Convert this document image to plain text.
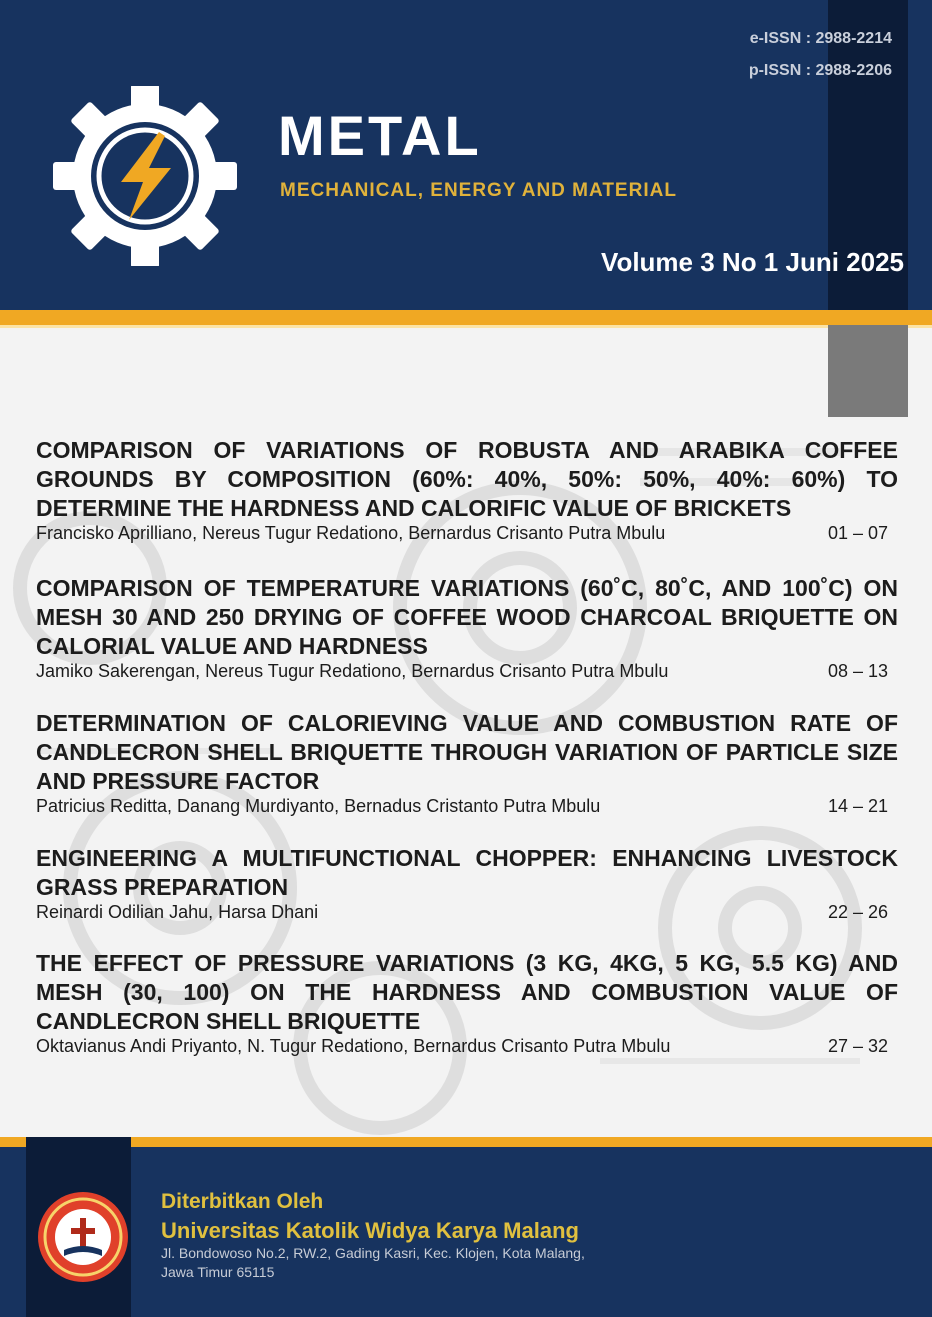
e-ISSN : 2988-2214
p-ISSN : 2988-2206
METAL
MECHANICAL, ENERGY AND MATERIAL
Volume 3 No 1 Juni 2025

COMPARISON OF VARIATIONS OF ROBUSTA AND ARABIKA COFFEE GROUNDS BY COMPOSITION (60%: 40%, 50%: 50%, 40%: 60%) TO DETERMINE THE HARDNESS AND CALORIFIC VALUE OF BRICKETS

Francisko Aprilliano, Nereus Tugur Redationo, Bernardus Crisanto Putra Mbulu	01 – 07

COMPARISON OF TEMPERATURE VARIATIONS (60˚C, 80˚C, AND 100˚C) ON MESH 30 AND 250 DRYING OF COFFEE WOOD CHARCOAL BRIQUETTE ON CALORIAL VALUE AND HARDNESS

Jamiko Sakerengan, Nereus Tugur Redationo, Bernardus Crisanto Putra Mbulu	08 – 13

DETERMINATION OF CALORIEVING VALUE AND COMBUSTION RATE OF CANDLECRON SHELL BRIQUETTE THROUGH VARIATION OF PARTICLE SIZE AND PRESSURE FACTOR

Patricius Reditta, Danang Murdiyanto, Bernadus Cristanto Putra Mbulu	14 – 21

ENGINEERING A MULTIFUNCTIONAL CHOPPER: ENHANCING LIVESTOCK GRASS PREPARATION

Reinardi Odilian Jahu, Harsa Dhani	22 – 26

THE EFFECT OF PRESSURE VARIATIONS (3 KG, 4KG, 5 KG, 5.5 KG) AND MESH (30, 100) ON THE HARDNESS AND COMBUSTION VALUE OF CANDLECRON SHELL BRIQUETTE

Oktavianus Andi Priyanto, N. Tugur Redationo, Bernardus Crisanto Putra Mbulu	27 – 32
Diterbitkan Oleh
Universitas Katolik Widya Karya Malang
Jl. Bondowoso No.2, RW.2, Gading Kasri, Kec. Klojen, Kota Malang,
Jawa Timur 65115
